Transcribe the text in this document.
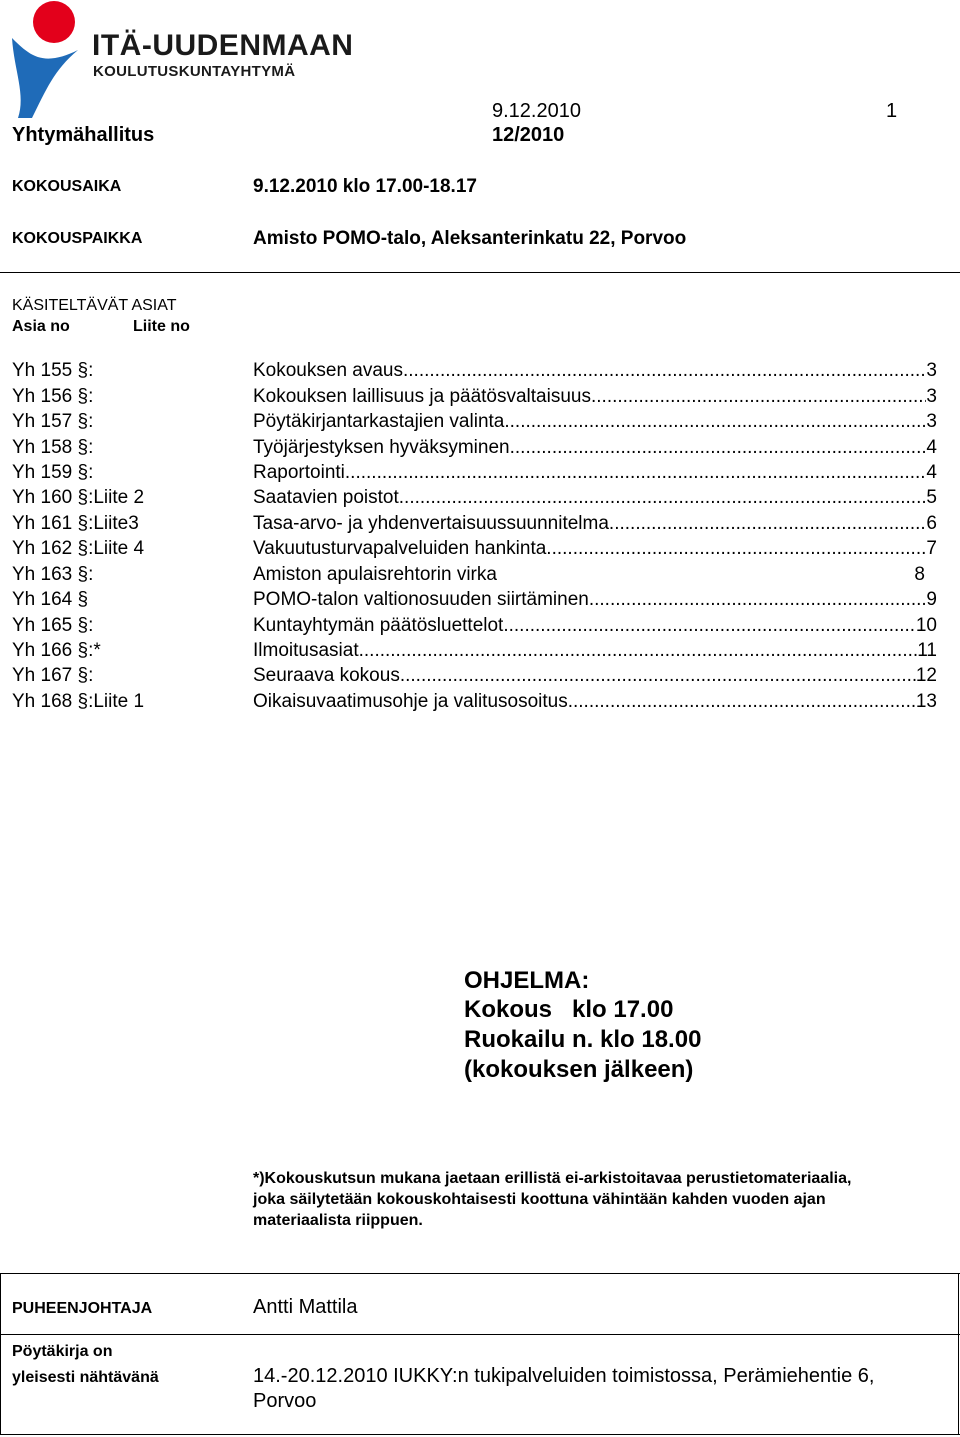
ITÄ-UUDENMAAN
KOULUTUSKUNTAYHTYMÄ
9.12.2010	1
Yhtymähallitus	12/2010
KOKOUSAIKA	9.12.2010 klo 17.00-18.17
KOKOUSPAIKKA	Amisto POMO-talo, Aleksanterinkatu 22, Porvoo
KÄSITELTÄVÄT ASIAT
Asia no	Liite no
Yh 155 §:	Kokouksen avaus .....	3
Yh 156 §:	Kokouksen laillisuus ja päätösvaltaisuus .....	3
Yh 157 §:	Pöytäkirjantarkastajien valinta .....	3
Yh 158 §:	Työjärjestyksen hyväksyminen .....	4
Yh 159 §:	Raportointi .....	4
Yh 160 §:Liite 2	Saatavien poistot .....	5
Yh 161 §:Liite3	Tasa-arvo- ja yhdenvertaisuussuunnitelma .....	6
Yh 162 §:Liite 4	Vakuutusturvapalveluiden hankinta .....	7
Yh 163 §:	Amiston apulaisrehtorin virka	8
Yh 164 §	POMO-talon valtionosuuden siirtäminen .....	9
Yh 165 §:	Kuntayhtymän päätösluettelot .....	10
Yh 166 §:*	Ilmoitusasiat .....	11
Yh 167 §:	Seuraava kokous .....	12
Yh 168 §:Liite 1	Oikaisuvaatimusohje ja valitusosoitus .....	13
OHJELMA:
Kokous   klo 17.00
Ruokailu n. klo 18.00
(kokouksen jälkeen)
*)Kokouskutsun mukana jaetaan erillistä ei-arkistoitavaa perustietomateriaalia,
joka säilytetään kokouskohtaisesti koottuna vähintään kahden vuoden ajan
materiaalista riippuen.
PUHEENJOHTAJA	Antti Mattila
Pöytäkirja on
yleisesti nähtävänä	14.-20.12.2010 IUKKY:n tukipalveluiden toimistossa, Perämiehentie 6,
Porvoo
